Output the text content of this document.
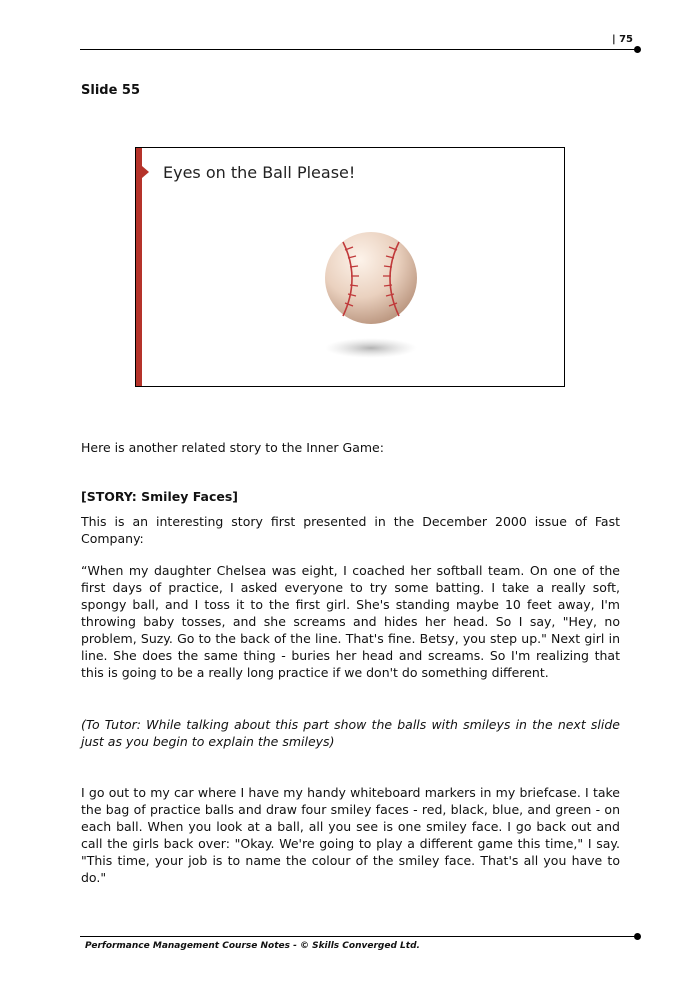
| 75
Slide 55
Eyes on the Ball Please!

Here is another related story to the Inner Game:

[STORY: Smiley Faces]

This is an interesting story first presented in the December 2000 issue of Fast Company:

“When my daughter Chelsea was eight, I coached her softball team. On one of the first days of practice, I asked everyone to try some batting. I take a really soft, spongy ball, and I toss it to the first girl. She's standing maybe 10 feet away, I'm throwing baby tosses, and she screams and hides her head. So I say, "Hey, no problem, Suzy. Go to the back of the line. That's fine. Betsy, you step up." Next girl in line. She does the same thing - buries her head and screams. So I'm realizing that this is going to be a really long practice if we don't do something different.

(To Tutor: While talking about this part show the balls with smileys in the next slide just as you begin to explain the smileys)

I go out to my car where I have my handy whiteboard markers in my briefcase. I take the bag of practice balls and draw four smiley faces - red, black, blue, and green - on each ball. When you look at a ball, all you see is one smiley face. I go back out and call the girls back over: "Okay. We're going to play a different game this time," I say. "This time, your job is to name the colour of the smiley face. That's all you have to do."

Performance Management Course Notes - © Skills Converged Ltd.
